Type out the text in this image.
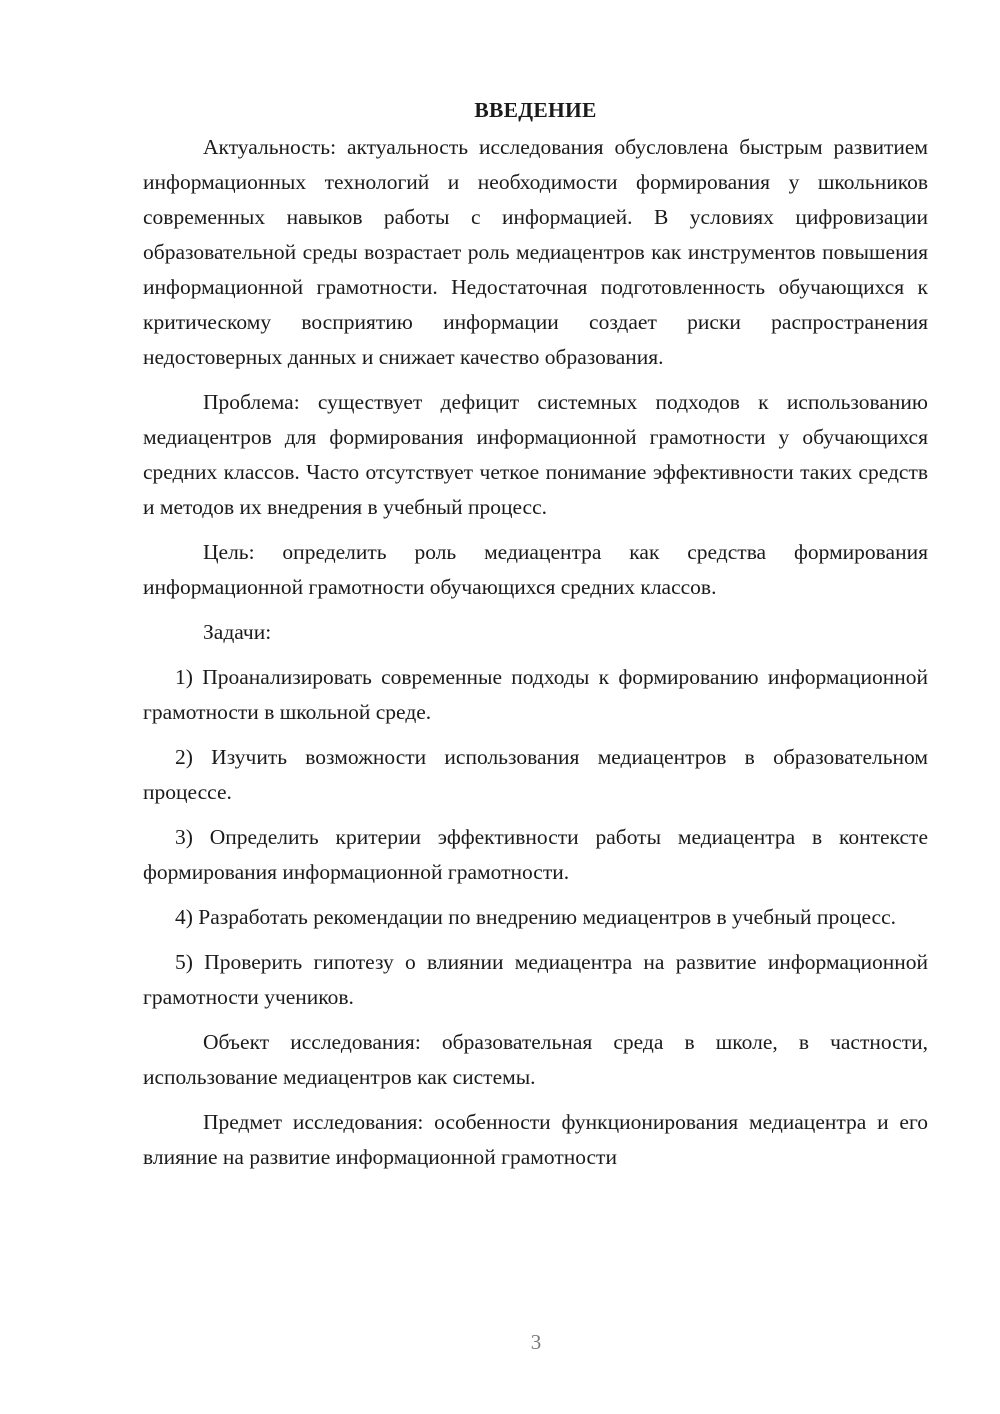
ВВЕДЕНИЕ

Актуальность: актуальность исследования обусловлена быстрым развитием информационных технологий и необходимости формирования у школьников современных навыков работы с информацией. В условиях цифровизации образовательной среды возрастает роль медиацентров как инструментов повышения информационной грамотности. Недостаточная подготовленность обучающихся к критическому восприятию информации создает риски распространения недостоверных данных и снижает качество образования.

Проблема: существует дефицит системных подходов к использованию медиацентров для формирования информационной грамотности у обучающихся средних классов. Часто отсутствует четкое понимание эффективности таких средств и методов их внедрения в учебный процесс.

Цель: определить роль медиацентра как средства формирования информационной грамотности обучающихся средних классов.

Задачи:

1) Проанализировать современные подходы к формированию информационной грамотности в школьной среде.

2) Изучить возможности использования медиацентров в образовательном процессе.

3) Определить критерии эффективности работы медиацентра в контексте формирования информационной грамотности.

4) Разработать рекомендации по внедрению медиацентров в учебный процесс.

5) Проверить гипотезу о влиянии медиацентра на развитие информационной грамотности учеников.

Объект исследования: образовательная среда в школе, в частности, использование медиацентров как системы.

Предмет исследования: особенности функционирования медиацентра и его влияние на развитие информационной грамотности

3
